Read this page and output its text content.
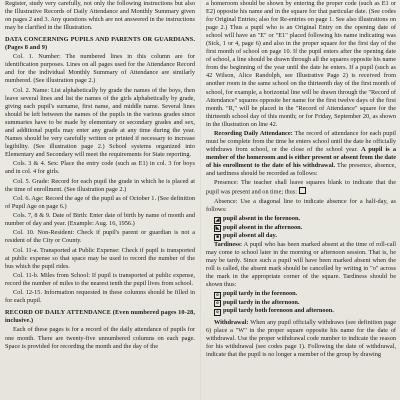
Register, study very carefully, not only the following instructions but also the Illustrative Records of Daily Attendance and Monthly Summary given on pages 2 and 3. Any questions which are not answered in the instructions may be clarified in the Illustration.

DATA CONCERNING PUPILS AND PARENTS OR GUARDIANS. (Pages 8 and 9)

Col. 1. Number: The numbered lines in this column are for identification purposes. Lines on all pages used for the Attendance Record and for the individual Monthly Summary of Attendance are similarly numbered. (See illustration page 2.)

Col. 2. Name: List alphabetically by grade the names of the boys, then leave several lines and list the names of the girls alphabetically by grade, giving each pupil's surname, first name, and middle name. Several lines should be left between the names of the pupils in the various grades since summaries have to be made by elementary or secondary grades and sex, and additional pupils may enter any grade at any time during the year. Names should be very carefully written or printed if necessary to increase legibility. (See illustration page 2.) School systems organized into Elementary and Secondary will meet the requirements for State reporting.

Cols. 3 & 4. Sex: Place the entry code (such as E1) in col. 3 for boys and in col. 4 for girls.

Col. 5. Grade: Record for each pupil the grade in which he is placed at the time of enrollment. (See illustration page 2.)

Col. 6. Age: Record the age of the pupil as of October 1. (See definition of Pupil Age on page 6.)

Cols. 7, 8 & 9. Date of Birth: Enter date of birth by name of month and number of day and year. (Example: Aug. 16, 1956.)

Col. 10. Non-Resident: Check if pupil's parent or guardian is not a resident of the City or County.

Col. 11-a. Transported at Public Expense: Check if pupil is transported at public expense so that space may be used to record the number of the bus which the pupil rides.

Col. 11-b. Miles from School: If pupil is transported at public expense, record the number of miles to the nearest tenth the pupil lives from school.

Col. 12-15. Information requested in these columns should be filled in for each pupil.

RECORD OF DAILY ATTENDANCE (Even numbered pages 10-28, inclusive.)

Each of these pages is for a record of the daily attendance of pupils for one month. There are twenty-five unnumbered columns on each page. Space is provided for recording the month and the day of the

a homeroom should be shown by entering the proper code (such as E1 or E2) opposite his name and in the square for that particular date. (See codes for Original Entries; also for Re-entries on page 1. See also illustrations on page 2.) Thus a pupil who is an Original Entry on the opening date of school will have an "E" or "E1" placed following his name indicating was (Sick, 1 or 4, page 6) and also in the proper square for the first day of the first month of school on page 10. If the pupil enters after the opening date of school, a line should be drawn through all the squares opposite his name from the beginning of the year until the date he enters. If a pupil (such as 42 Wilson, Alice Randolph, see Illustrative Page 2) is received from another room in the same school on the thirteenth day of the first month of school, for example, a horizontal line will be drawn through the "Record of Attendance" squares opposite her name for the first twelve days of the first month. "R," will be placed in the "Record of Attendance" square for the thirteenth school day of this month; or for Friday, September 20, as shown in the illustration on line 42.

Recording Daily Attendance: The record of attendance for each pupil must be complete from the time he enters school until the date he officially withdraws from school, or the close of the school year. A pupil is a member of the homeroom and is either present or absent from the date of his enrollment to the date of his withdrawal. The presence, absence, and tardiness should be recorded as follows:

Presence: The teacher shall leave squares blank to indicate that the pupil was present and on time; thus:

Absence: Use a diagonal line to indicate absence for a half-day, as follows:

◢ pupil absent in the forenoon.

◣ pupil absent in the afternoon.

■ pupil absent all day.

Tardiness: A pupil who has been marked absent at the time of roll-call may come to school later in the morning or afternoon session. That is, he may be tardy. Since such a pupil will have been marked absent when the roll is called, the absent mark should be cancelled by writing in "o" across the mark in the appropriate corner of the square. Tardiness should be shown thus:

o pupil tardy in the forenoon.

o pupil tardy in the afternoon.

o pupil tardy both forenoon and afternoon.

Withdrawal: When any pupil officially withdraws (see definition page 6) place a "W" in the proper square opposite his name for the date of withdrawal. Use the proper withdrawal code number to indicate the reason for his withdrawal (see codes page 1). Following the date of withdrawal, indicate that the pupil is no longer a member of the group by drawing
